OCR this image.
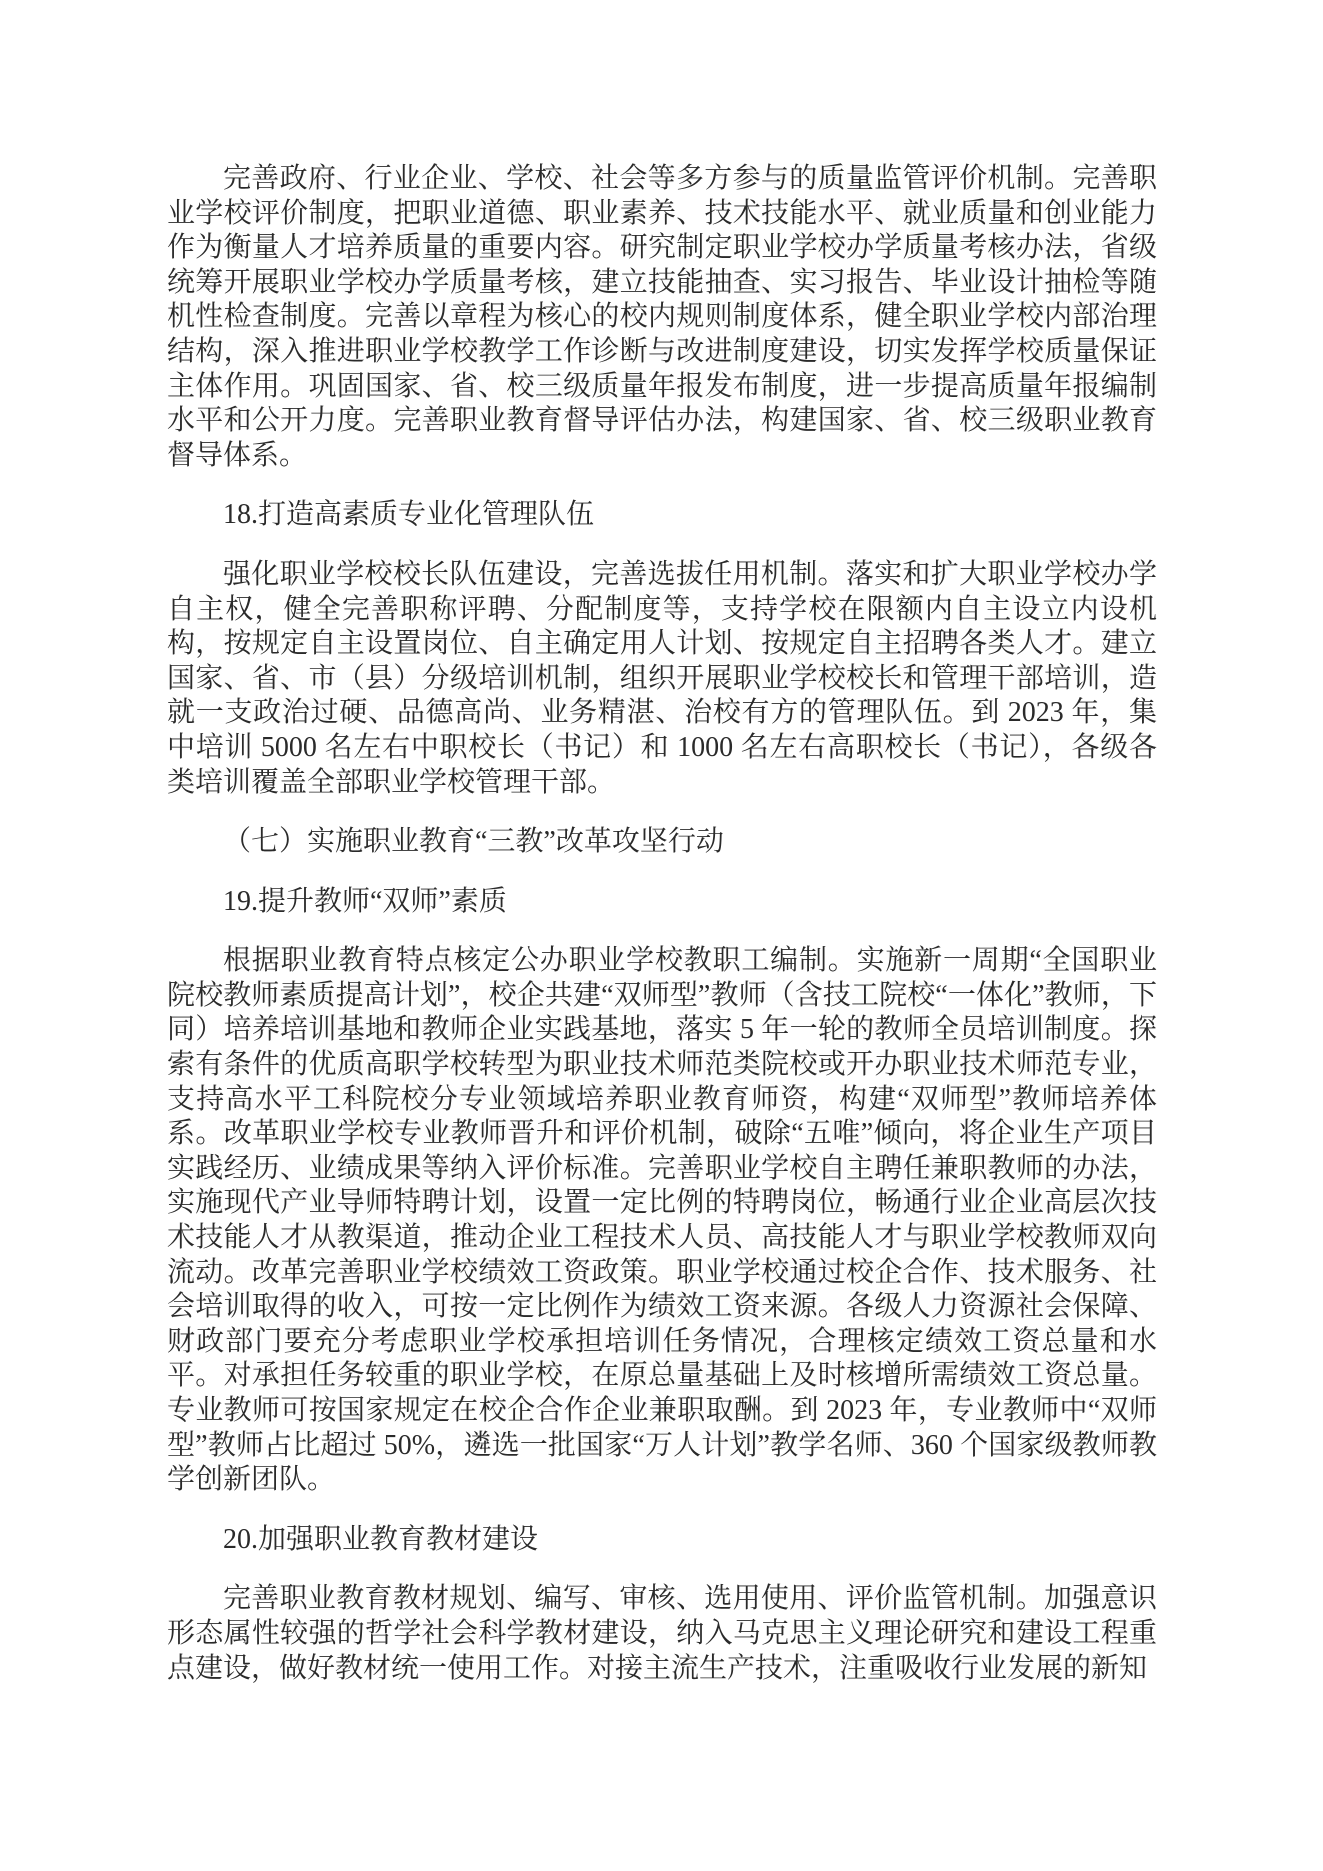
完善政府、行业企业、学校、社会等多方参与的质量监管评价机制。完善职业学校评价制度，把职业道德、职业素养、技术技能水平、就业质量和创业能力作为衡量人才培养质量的重要内容。研究制定职业学校办学质量考核办法，省级统筹开展职业学校办学质量考核，建立技能抽查、实习报告、毕业设计抽检等随机性检查制度。完善以章程为核心的校内规则制度体系，健全职业学校内部治理结构，深入推进职业学校教学工作诊断与改进制度建设，切实发挥学校质量保证主体作用。巩固国家、省、校三级质量年报发布制度，进一步提高质量年报编制水平和公开力度。完善职业教育督导评估办法，构建国家、省、校三级职业教育督导体系。

18.打造高素质专业化管理队伍

强化职业学校校长队伍建设，完善选拔任用机制。落实和扩大职业学校办学自主权，健全完善职称评聘、分配制度等，支持学校在限额内自主设立内设机构，按规定自主设置岗位、自主确定用人计划、按规定自主招聘各类人才。建立国家、省、市（县）分级培训机制，组织开展职业学校校长和管理干部培训，造就一支政治过硬、品德高尚、业务精湛、治校有方的管理队伍。到 2023 年，集中培训 5000 名左右中职校长（书记）和 1000 名左右高职校长（书记），各级各类培训覆盖全部职业学校管理干部。

（七）实施职业教育“三教”改革攻坚行动

19.提升教师“双师”素质

根据职业教育特点核定公办职业学校教职工编制。实施新一周期“全国职业院校教师素质提高计划”，校企共建“双师型”教师（含技工院校“一体化”教师，下同）培养培训基地和教师企业实践基地，落实 5 年一轮的教师全员培训制度。探索有条件的优质高职学校转型为职业技术师范类院校或开办职业技术师范专业，支持高水平工科院校分专业领域培养职业教育师资，构建“双师型”教师培养体系。改革职业学校专业教师晋升和评价机制，破除“五唯”倾向，将企业生产项目实践经历、业绩成果等纳入评价标准。完善职业学校自主聘任兼职教师的办法，实施现代产业导师特聘计划，设置一定比例的特聘岗位，畅通行业企业高层次技术技能人才从教渠道，推动企业工程技术人员、高技能人才与职业学校教师双向流动。改革完善职业学校绩效工资政策。职业学校通过校企合作、技术服务、社会培训取得的收入，可按一定比例作为绩效工资来源。各级人力资源社会保障、财政部门要充分考虑职业学校承担培训任务情况，合理核定绩效工资总量和水平。对承担任务较重的职业学校，在原总量基础上及时核增所需绩效工资总量。专业教师可按国家规定在校企合作企业兼职取酬。到 2023 年，专业教师中“双师型”教师占比超过 50%，遴选一批国家“万人计划”教学名师、360 个国家级教师教学创新团队。

20.加强职业教育教材建设

完善职业教育教材规划、编写、审核、选用使用、评价监管机制。加强意识形态属性较强的哲学社会科学教材建设，纳入马克思主义理论研究和建设工程重点建设，做好教材统一使用工作。对接主流生产技术，注重吸收行业发展的新知
